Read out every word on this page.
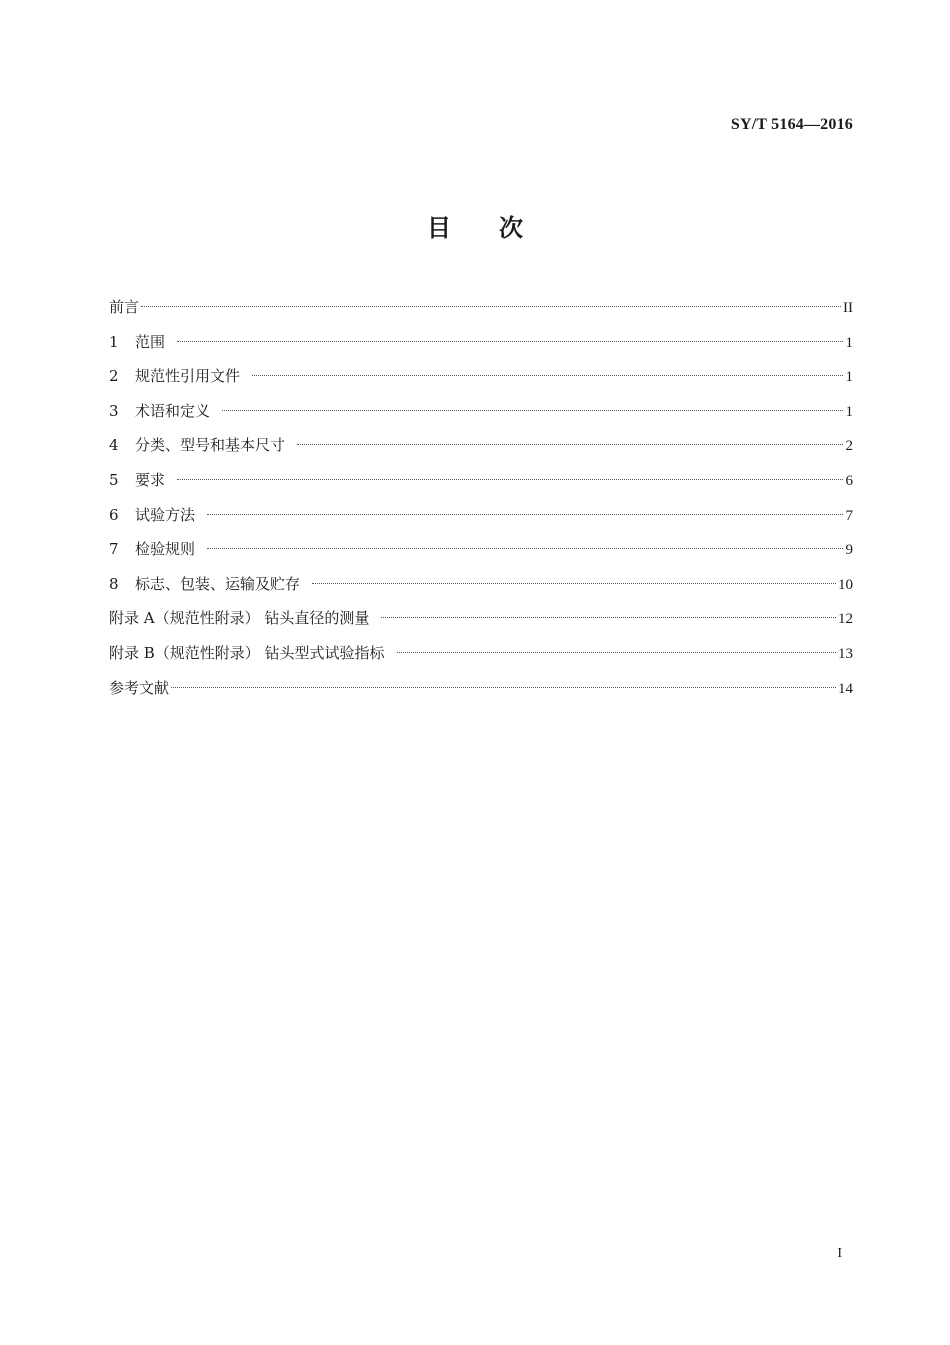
SY/T 5164—2016
目 次
前言	II
1	范围	1
2	规范性引用文件	1
3	术语和定义	1
4	分类、型号和基本尺寸	2
5	要求	6
6	试验方法	7
7	检验规则	9
8	标志、包装、运输及贮存	10
附录 A（规范性附录） 钻头直径的测量	12
附录 B（规范性附录） 钻头型式试验指标	13
参考文献	14
I
